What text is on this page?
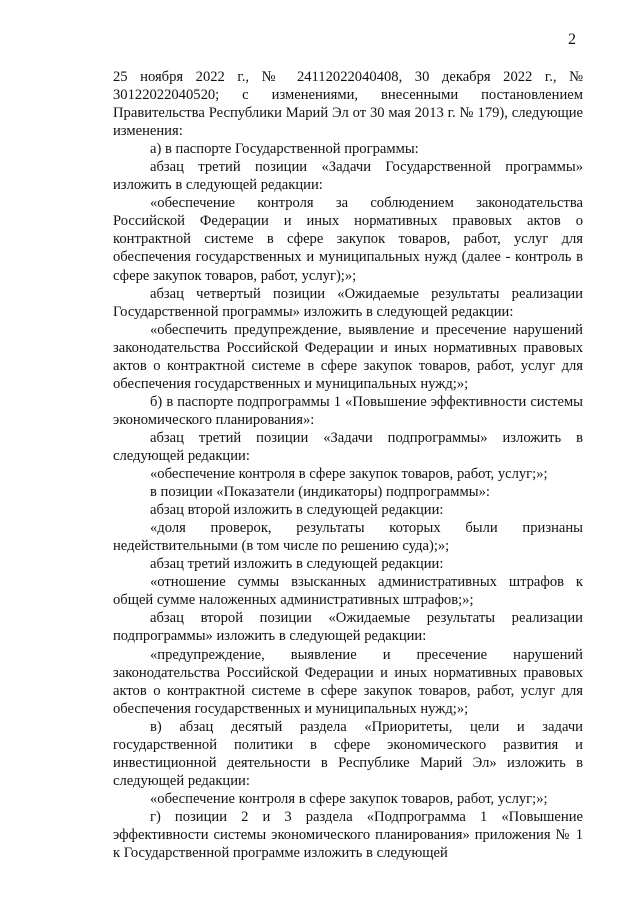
2

25 ноября 2022 г., № 24112022040408, 30 декабря 2022 г., № 30122022040520; с изменениями, внесенными постановлением Правительства Республики Марий Эл от 30 мая 2013 г. № 179), следующие изменения:

а) в паспорте Государственной программы:

абзац третий позиции «Задачи Государственной программы» изложить в следующей редакции:

«обеспечение контроля за соблюдением законодательства Российской Федерации и иных нормативных правовых актов о контрактной системе в сфере закупок товаров, работ, услуг для обеспечения государственных и муниципальных нужд (далее - контроль в сфере закупок товаров, работ, услуг);»;

абзац четвертый позиции «Ожидаемые результаты реализации Государственной программы» изложить в следующей редакции:

«обеспечить предупреждение, выявление и пресечение нарушений законодательства Российской Федерации и иных нормативных правовых актов о контрактной системе в сфере закупок товаров, работ, услуг для обеспечения государственных и муниципальных нужд;»;

б) в паспорте подпрограммы 1 «Повышение эффективности системы экономического планирования»:

абзац третий позиции «Задачи подпрограммы» изложить в следующей редакции:

«обеспечение контроля в сфере закупок товаров, работ, услуг;»;

в позиции «Показатели (индикаторы) подпрограммы»:

абзац второй изложить в следующей редакции:

«доля проверок, результаты которых были признаны недействительными (в том числе по решению суда);»;

абзац третий изложить в следующей редакции:

«отношение суммы взысканных административных штрафов к общей сумме наложенных административных штрафов;»;

абзац второй позиции «Ожидаемые результаты реализации подпрограммы» изложить в следующей редакции:

«предупреждение, выявление и пресечение нарушений законодательства Российской Федерации и иных нормативных правовых актов о контрактной системе в сфере закупок товаров, работ, услуг для обеспечения государственных и муниципальных нужд;»;

в) абзац десятый раздела «Приоритеты, цели и задачи государственной политики в сфере экономического развития и инвестиционной деятельности в Республике Марий Эл» изложить в следующей редакции:

«обеспечение контроля в сфере закупок товаров, работ, услуг;»;

г) позиции 2 и 3 раздела «Подпрограмма 1 «Повышение эффективности системы экономического планирования» приложения № 1 к Государственной программе изложить в следующей
